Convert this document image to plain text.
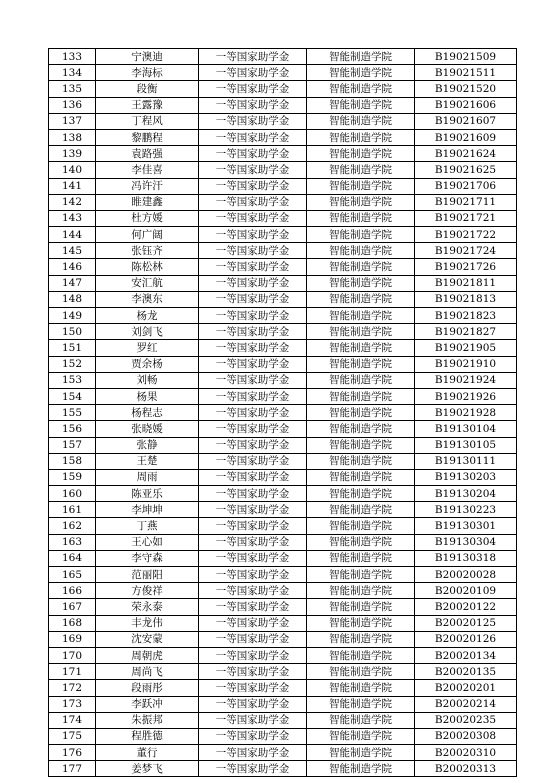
133	宁澳迪	一等国家助学金	智能制造学院	B19021509
134	李海标	一等国家助学金	智能制造学院	B19021511
135	段衡	一等国家助学金	智能制造学院	B19021520
136	王露豫	一等国家助学金	智能制造学院	B19021606
137	丁程风	一等国家助学金	智能制造学院	B19021607
138	黎鹏程	一等国家助学金	智能制造学院	B19021609
139	袁路强	一等国家助学金	智能制造学院	B19021624
140	李佳喜	一等国家助学金	智能制造学院	B19021625
141	冯许汗	一等国家助学金	智能制造学院	B19021706
142	睢建鑫	一等国家助学金	智能制造学院	B19021711
143	杜方媛	一等国家助学金	智能制造学院	B19021721
144	何广阔	一等国家助学金	智能制造学院	B19021722
145	张钰齐	一等国家助学金	智能制造学院	B19021724
146	陈松林	一等国家助学金	智能制造学院	B19021726
147	安汇航	一等国家助学金	智能制造学院	B19021811
148	李澳东	一等国家助学金	智能制造学院	B19021813
149	杨龙	一等国家助学金	智能制造学院	B19021823
150	刘剑飞	一等国家助学金	智能制造学院	B19021827
151	罗红	一等国家助学金	智能制造学院	B19021905
152	贾余杨	一等国家助学金	智能制造学院	B19021910
153	刘畅	一等国家助学金	智能制造学院	B19021924
154	杨果	一等国家助学金	智能制造学院	B19021926
155	杨程志	一等国家助学金	智能制造学院	B19021928
156	张晓媛	一等国家助学金	智能制造学院	B19130104
157	张静	一等国家助学金	智能制造学院	B19130105
158	王楚	一等国家助学金	智能制造学院	B19130111
159	周雨	一等国家助学金	智能制造学院	B19130203
160	陈亚乐	一等国家助学金	智能制造学院	B19130204
161	李坤坤	一等国家助学金	智能制造学院	B19130223
162	丁燕	一等国家助学金	智能制造学院	B19130301
163	王心如	一等国家助学金	智能制造学院	B19130304
164	李守森	一等国家助学金	智能制造学院	B19130318
165	范丽阳	一等国家助学金	智能制造学院	B20020028
166	方俊祥	一等国家助学金	智能制造学院	B20020109
167	荣永泰	一等国家助学金	智能制造学院	B20020122
168	丰龙伟	一等国家助学金	智能制造学院	B20020125
169	沈安蒙	一等国家助学金	智能制造学院	B20020126
170	周朝虎	一等国家助学金	智能制造学院	B20020134
171	周尚飞	一等国家助学金	智能制造学院	B20020135
172	段雨彤	一等国家助学金	智能制造学院	B20020201
173	李跃冲	一等国家助学金	智能制造学院	B20020214
174	朱振邦	一等国家助学金	智能制造学院	B20020235
175	程胜德	一等国家助学金	智能制造学院	B20020308
176	董行	一等国家助学金	智能制造学院	B20020310
177	姜梦飞	一等国家助学金	智能制造学院	B20020313
